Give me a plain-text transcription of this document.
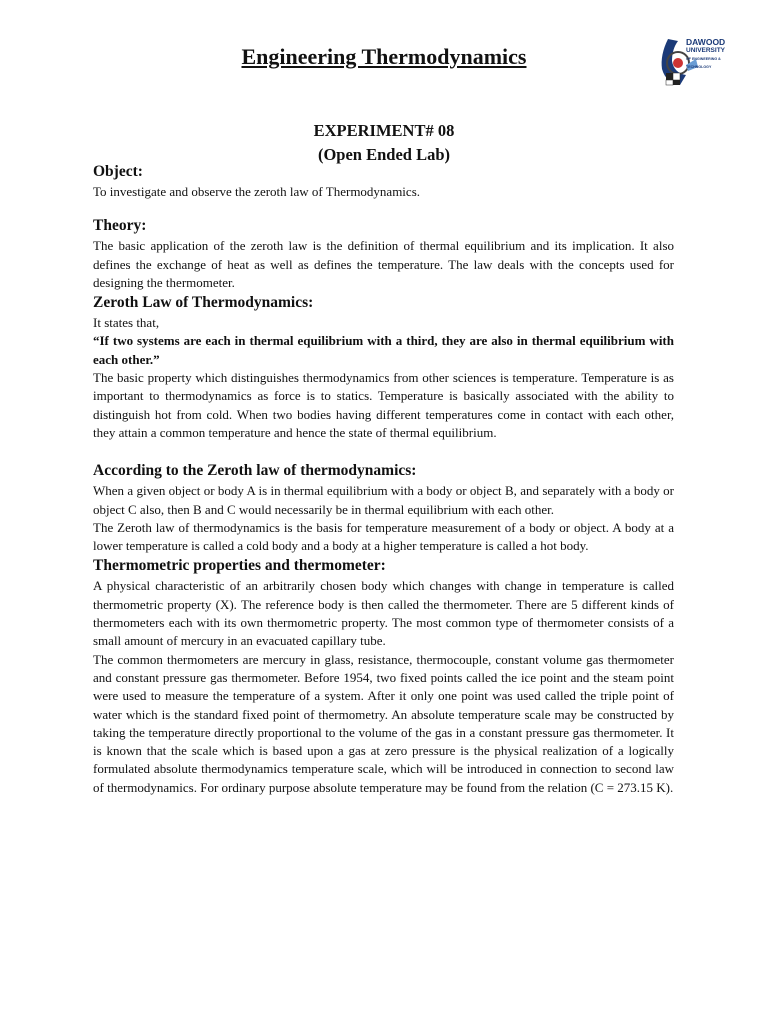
Engineering Thermodynamics
DAWOOD
UNIVERSITY
OF ENGINEERING & TECHNOLOGY
EXPERIMENT# 08
(Open Ended Lab)

Object:

To investigate and observe the zeroth law of Thermodynamics.

Theory:

The basic application of the zeroth law is the definition of thermal equilibrium and its implication. It also defines the exchange of heat as well as defines the temperature. The law deals with the concepts used for designing the thermometer.

Zeroth Law of Thermodynamics:

It states that,

“If two systems are each in thermal equilibrium with a third, they are also in thermal equilibrium with each other.”

The basic property which distinguishes thermodynamics from other sciences is temperature. Temperature is as important to thermodynamics as force is to statics. Temperature is basically associated with the ability to distinguish hot from cold. When two bodies having different temperatures come in contact with each other, they attain a common temperature and hence the state of thermal equilibrium.

According to the Zeroth law of thermodynamics:

When a given object or body A is in thermal equilibrium with a body or object B, and separately with a body or object C also, then B and C would necessarily be in thermal equilibrium with each other.

The Zeroth law of thermodynamics is the basis for temperature measurement of a body or object. A body at a lower temperature is called a cold body and a body at a higher temperature is called a hot body.

Thermometric properties and thermometer:

A physical characteristic of an arbitrarily chosen body which changes with change in temperature is called thermometric property (X). The reference body is then called the thermometer. There are 5 different kinds of thermometers each with its own thermometric property. The most common type of thermometer consists of a small amount of mercury in an evacuated capillary tube.

The common thermometers are mercury in glass, resistance, thermocouple, constant volume gas thermometer and constant pressure gas thermometer. Before 1954, two fixed points called the ice point and the steam point were used to measure the temperature of a system. After it only one point was used called the triple point of water which is the standard fixed point of thermometry. An absolute temperature scale may be constructed by taking the temperature directly proportional to the volume of the gas in a constant pressure gas thermometer. It is known that the scale which is based upon a gas at zero pressure is the physical realization of a logically formulated absolute thermodynamics temperature scale, which will be introduced in connection to second law of thermodynamics. For ordinary purpose absolute temperature may be found from the relation (C = 273.15 K).
